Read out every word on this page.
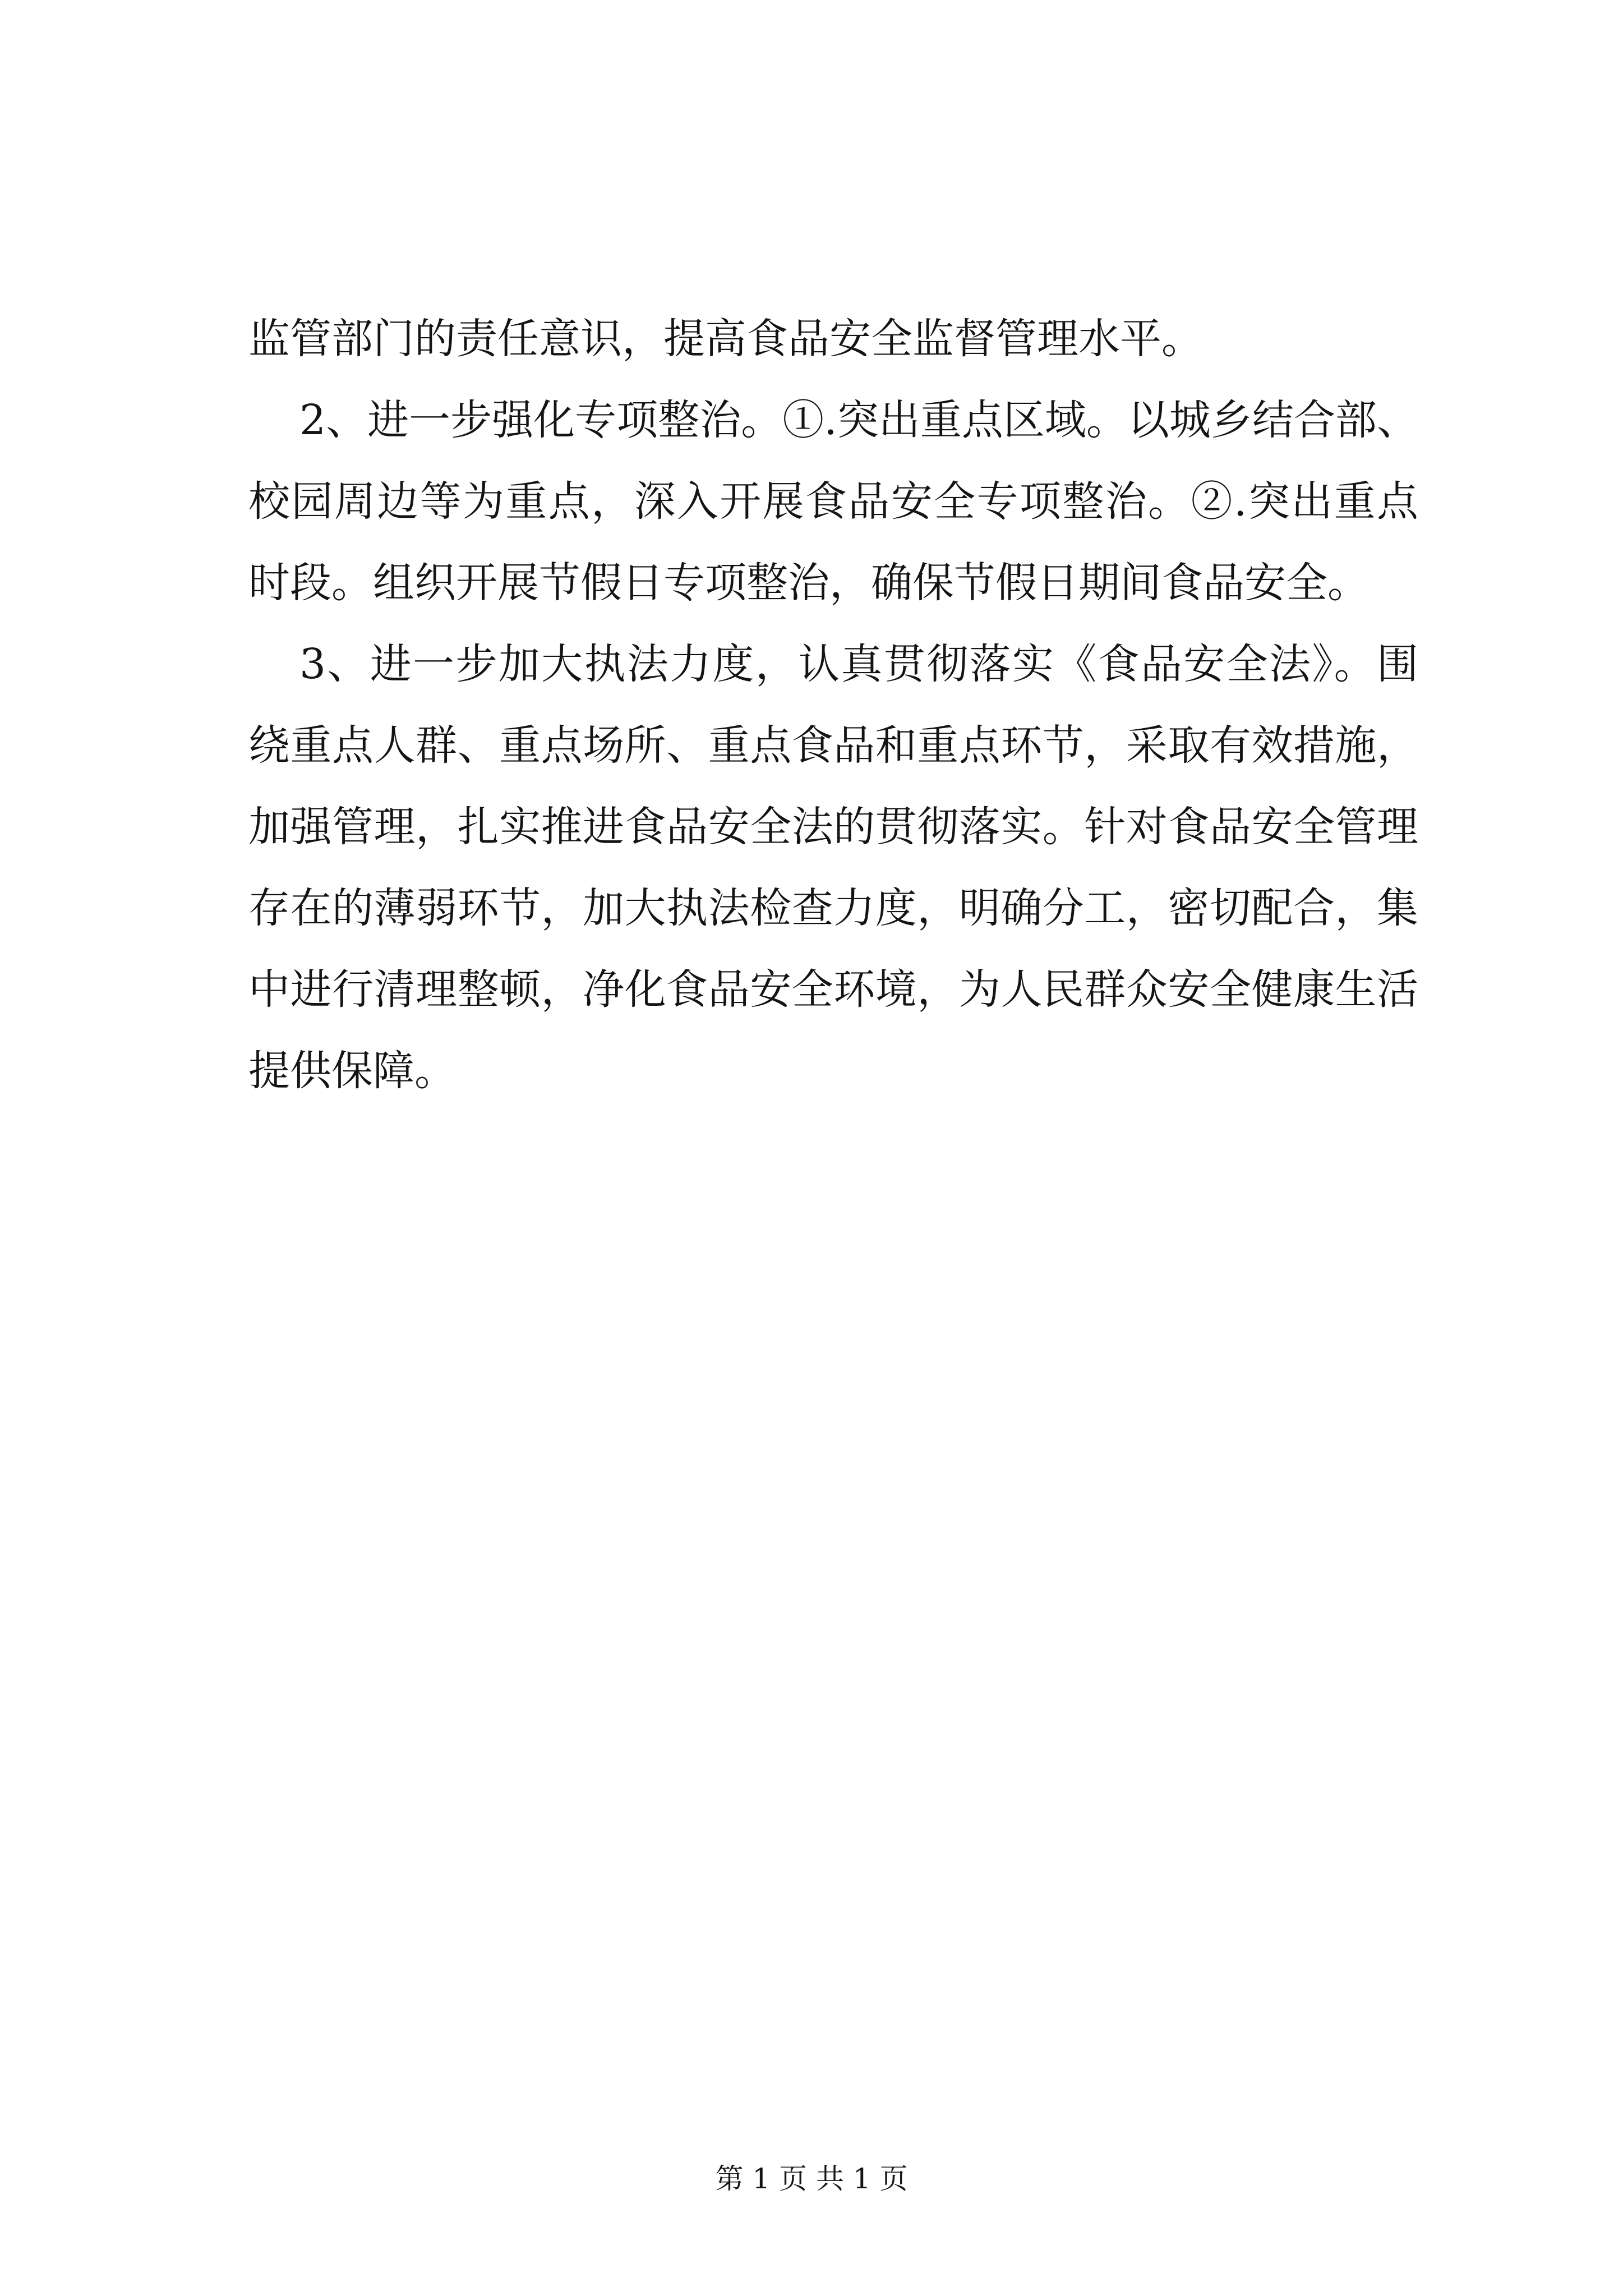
监管部门的责任意识，提高食品安全监督管理水平。
2、进一步强化专项整治。①.突出重点区域。以城乡结合部、
校园周边等为重点，深入开展食品安全专项整治。②.突出重点
时段。组织开展节假日专项整治，确保节假日期间食品安全。
3、进一步加大执法力度，认真贯彻落实《食品安全法》。围
绕重点人群、重点场所、重点食品和重点环节，采取有效措施，
加强管理，扎实推进食品安全法的贯彻落实。针对食品安全管理
存在的薄弱环节，加大执法检查力度，明确分工，密切配合，集
中进行清理整顿，净化食品安全环境，为人民群众安全健康生活
提供保障。
第 1 页 共 1 页
